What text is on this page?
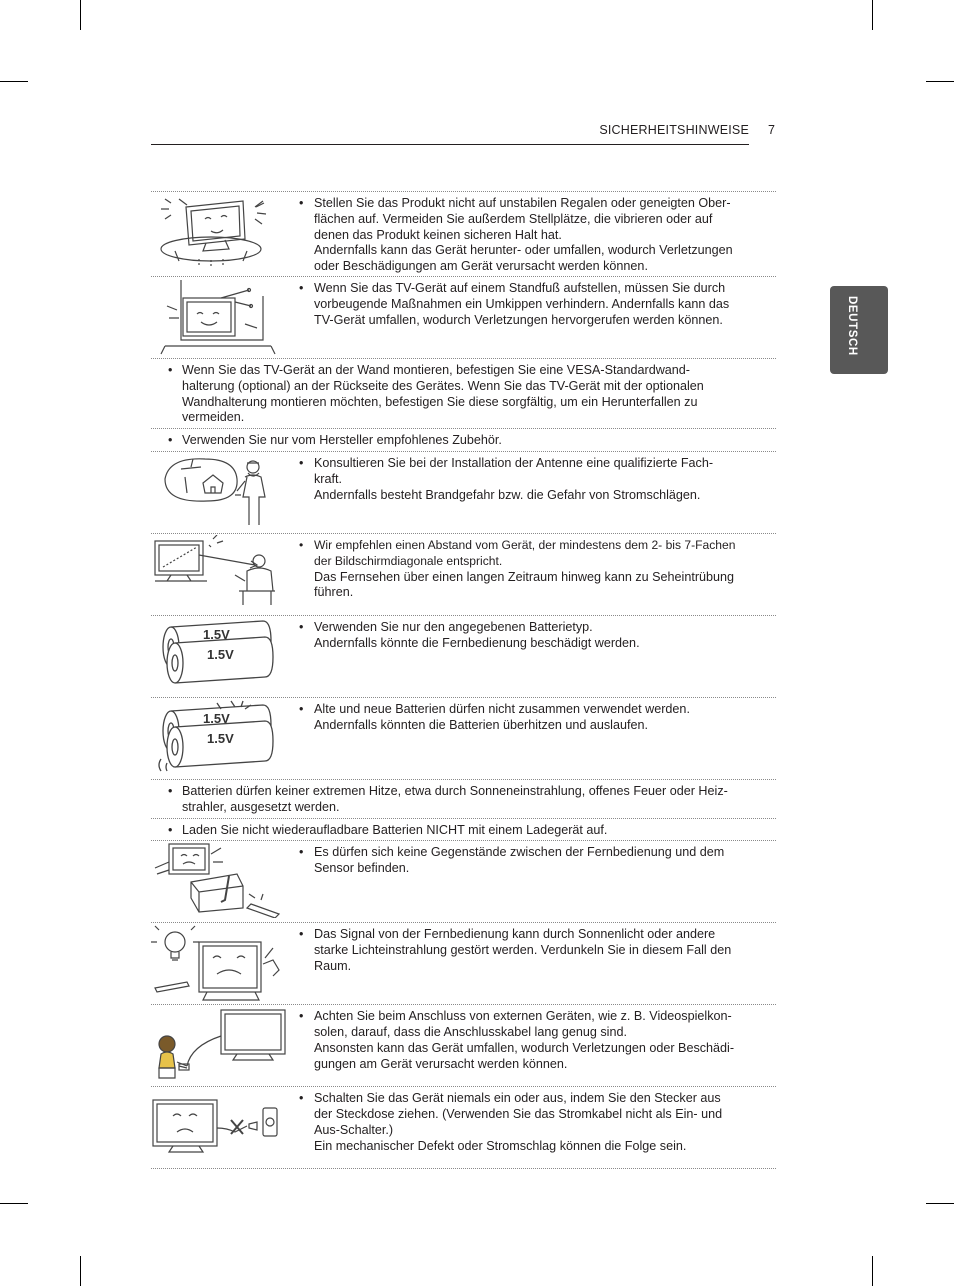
SICHERHEITSHINWEISE 7
DEUTSCH
• Stellen Sie das Produkt nicht auf unstabilen Regalen oder geneigten Ober-
flächen auf. Vermeiden Sie außerdem Stellplätze, die vibrieren oder auf
denen das Produkt keinen sicheren Halt hat.
Andernfalls kann das Gerät herunter- oder umfallen, wodurch Verletzungen
oder Beschädigungen am Gerät verursacht werden können.
• Wenn Sie das TV-Gerät auf einem Standfuß aufstellen, müssen Sie durch
vorbeugende Maßnahmen ein Umkippen verhindern. Andernfalls kann das
TV-Gerät umfallen, wodurch Verletzungen hervorgerufen werden können.
• Wenn Sie das TV-Gerät an der Wand montieren, befestigen Sie eine VESA-Standardwand-
halterung (optional) an der Rückseite des Gerätes. Wenn Sie das TV-Gerät mit der optionalen
Wandhalterung montieren möchten, befestigen Sie diese sorgfältig, um ein Herunterfallen zu
vermeiden.
• Verwenden Sie nur vom Hersteller empfohlenes Zubehör.
• Konsultieren Sie bei der Installation der Antenne eine qualifizierte Fach-
kraft.
Andernfalls besteht Brandgefahr bzw. die Gefahr von Stromschlägen.
• Wir empfehlen einen Abstand vom Gerät, der mindestens dem 2- bis 7-Fachen
der Bildschirmdiagonale entspricht.
Das Fernsehen über einen langen Zeitraum hinweg kann zu Seheintrübung
führen.
1.5V
1.5V
• Verwenden Sie nur den angegebenen Batterietyp.
Andernfalls könnte die Fernbedienung beschädigt werden.
1.5V
1.5V
• Alte und neue Batterien dürfen nicht zusammen verwendet werden.
Andernfalls könnten die Batterien überhitzen und auslaufen.
• Batterien dürfen keiner extremen Hitze, etwa durch Sonneneinstrahlung, offenes Feuer oder Heiz-
strahler, ausgesetzt werden.
• Laden Sie nicht wiederaufladbare Batterien NICHT mit einem Ladegerät auf.
• Es dürfen sich keine Gegenstände zwischen der Fernbedienung und dem
Sensor befinden.
• Das Signal von der Fernbedienung kann durch Sonnenlicht oder andere
starke Lichteinstrahlung gestört werden. Verdunkeln Sie in diesem Fall den
Raum.
• Achten Sie beim Anschluss von externen Geräten, wie z. B. Videospielkon-
solen, darauf, dass die Anschlusskabel lang genug sind.
Ansonsten kann das Gerät umfallen, wodurch Verletzungen oder Beschädi-
gungen am Gerät verursacht werden können.
• Schalten Sie das Gerät niemals ein oder aus, indem Sie den Stecker aus
der Steckdose ziehen. (Verwenden Sie das Stromkabel nicht als Ein- und
Aus-Schalter.)
Ein mechanischer Defekt oder Stromschlag können die Folge sein.
